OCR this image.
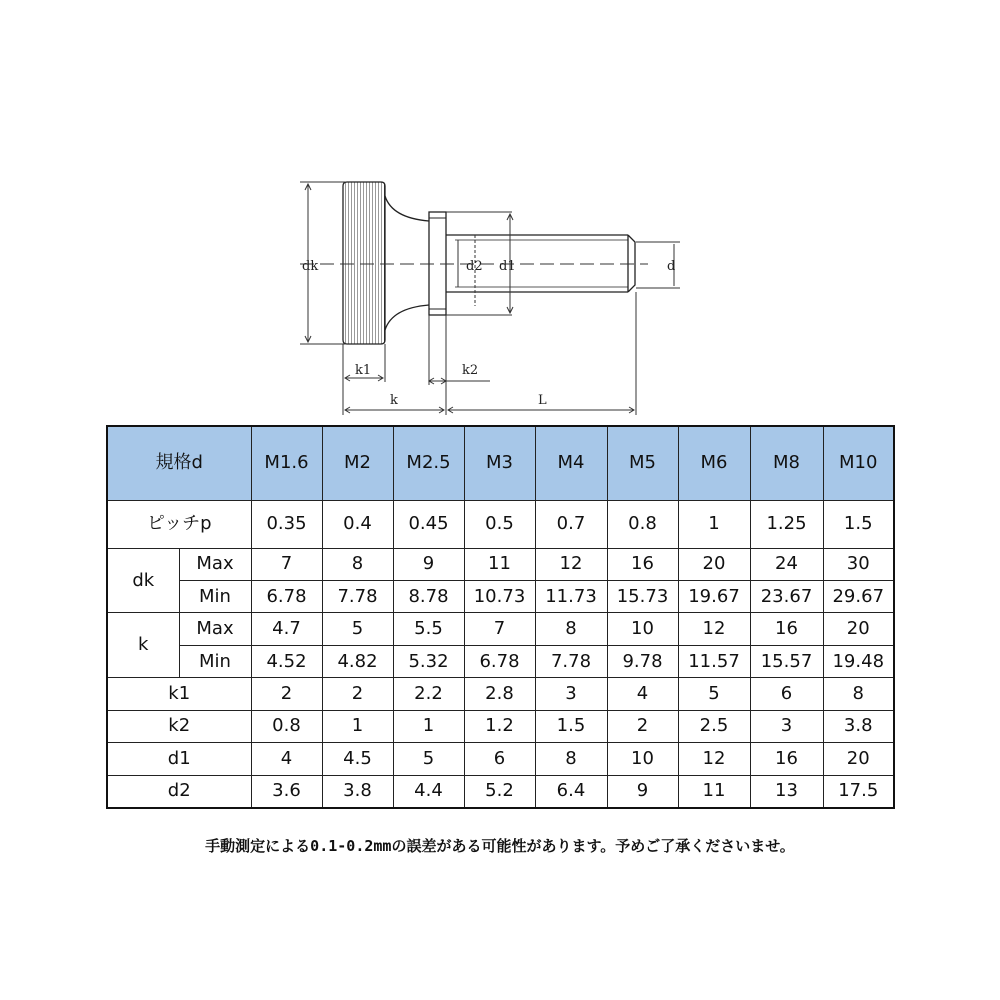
dk	d2 d1	d
k1	k2
k	L
規格d		M1.6	M2	M2.5	M3	M4	M5	M6	M8	M10
ピッチp		0.35	0.4	0.45	0.5	0.7	0.8	1	1.25	1.5
dk	Max	7	8	9	11	12	16	20	24	30
	Min	6.78	7.78	8.78	10.73	11.73	15.73	19.67	23.67	29.67
k	Max	4.7	5	5.5	7	8	10	12	16	20
	Min	4.52	4.82	5.32	6.78	7.78	9.78	11.57	15.57	19.48
k1		2	2	2.2	2.8	3	4	5	6	8
k2		0.8	1	1	1.2	1.5	2	2.5	3	3.8
d1		4	4.5	5	6	8	10	12	16	20
d2		3.6	3.8	4.4	5.2	6.4	9	11	13	17.5
手動測定による0.1-0.2mmの誤差がある可能性があります。予めご了承くださいませ。
